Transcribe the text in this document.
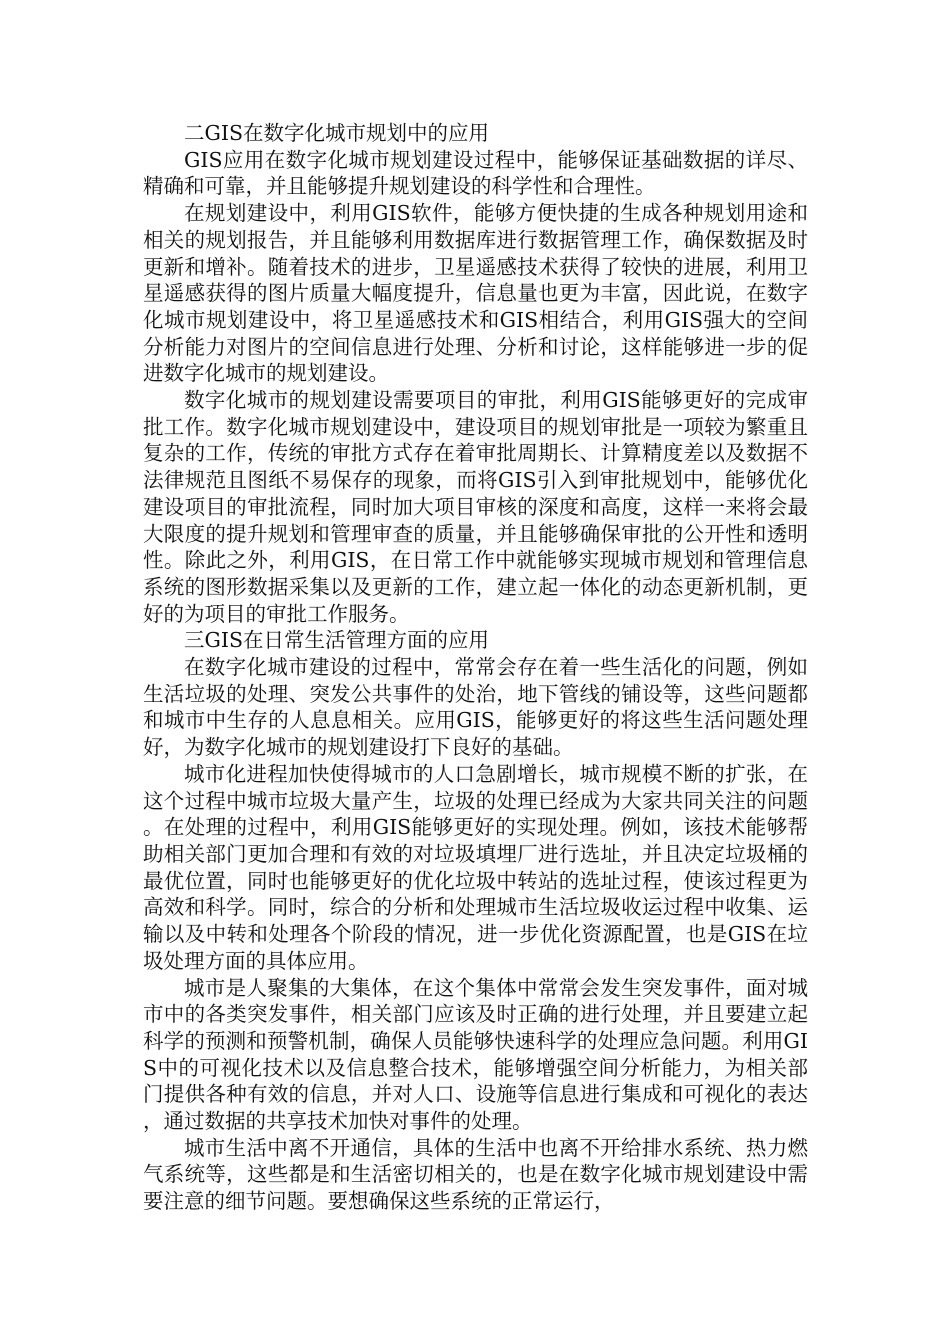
二GIS在数字化城市规划中的应用

GIS应用在数字化城市规划建设过程中，能够保证基础数据的详尽、精确和可靠，并且能够提升规划建设的科学性和合理性。

在规划建设中，利用GIS软件，能够方便快捷的生成各种规划用途和相关的规划报告，并且能够利用数据库进行数据管理工作，确保数据及时更新和增补。随着技术的进步，卫星遥感技术获得了较快的进展，利用卫星遥感获得的图片质量大幅度提升，信息量也更为丰富，因此说，在数字化城市规划建设中，将卫星遥感技术和GIS相结合，利用GIS强大的空间分析能力对图片的空间信息进行处理、分析和讨论，这样能够进一步的促进数字化城市的规划建设。

数字化城市的规划建设需要项目的审批，利用GIS能够更好的完成审批工作。数字化城市规划建设中，建设项目的规划审批是一项较为繁重且复杂的工作，传统的审批方式存在着审批周期长、计算精度差以及数据不法律规范且图纸不易保存的现象，而将GIS引入到审批规划中，能够优化建设项目的审批流程，同时加大项目审核的深度和高度，这样一来将会最大限度的提升规划和管理审查的质量，并且能够确保审批的公开性和透明性。除此之外，利用GIS，在日常工作中就能够实现城市规划和管理信息系统的图形数据采集以及更新的工作，建立起一体化的动态更新机制，更好的为项目的审批工作服务。

三GIS在日常生活管理方面的应用

在数字化城市建设的过程中，常常会存在着一些生活化的问题，例如生活垃圾的处理、突发公共事件的处治，地下管线的铺设等，这些问题都和城市中生存的人息息相关。应用GIS，能够更好的将这些生活问题处理好，为数字化城市的规划建设打下良好的基础。

城市化进程加快使得城市的人口急剧增长，城市规模不断的扩张，在这个过程中城市垃圾大量产生，垃圾的处理已经成为大家共同关注的问题。在处理的过程中，利用GIS能够更好的实现处理。例如，该技术能够帮助相关部门更加合理和有效的对垃圾填埋厂进行选址，并且决定垃圾桶的最优位置，同时也能够更好的优化垃圾中转站的选址过程，使该过程更为高效和科学。同时，综合的分析和处理城市生活垃圾收运过程中收集、运输以及中转和处理各个阶段的情况，进一步优化资源配置，也是GIS在垃圾处理方面的具体应用。

城市是人聚集的大集体，在这个集体中常常会发生突发事件，面对城市中的各类突发事件，相关部门应该及时正确的进行处理，并且要建立起科学的预测和预警机制，确保人员能够快速科学的处理应急问题。利用GIS中的可视化技术以及信息整合技术，能够增强空间分析能力，为相关部门提供各种有效的信息，并对人口、设施等信息进行集成和可视化的表达，通过数据的共享技术加快对事件的处理。

城市生活中离不开通信，具体的生活中也离不开给排水系统、热力燃气系统等，这些都是和生活密切相关的，也是在数字化城市规划建设中需要注意的细节问题。要想确保这些系统的正常运行，
